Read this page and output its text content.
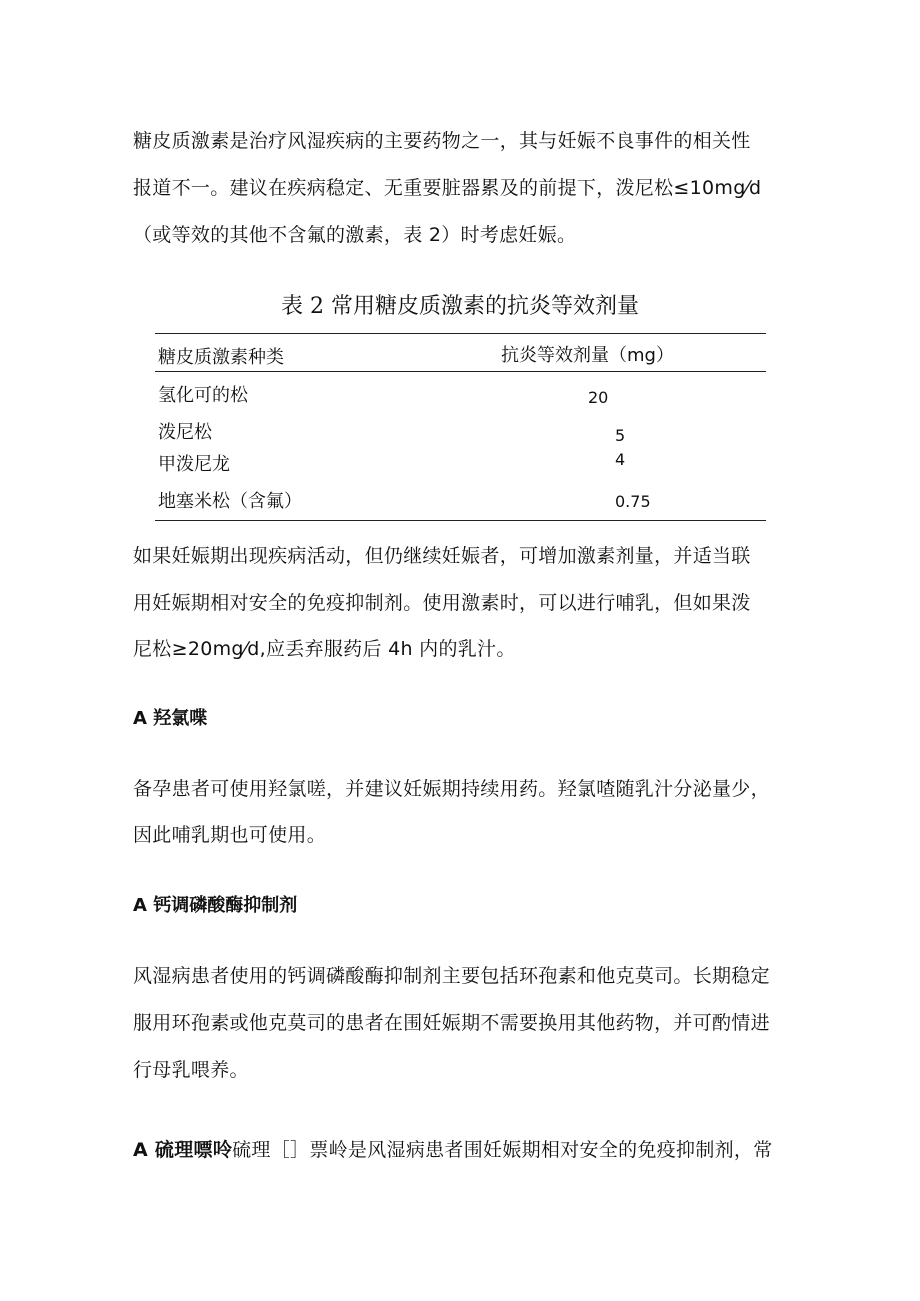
糖皮质激素是治疗风湿疾病的主要药物之一，其与妊娠不良事件的相关性
报道不一。建议在疾病稳定、无重要脏器累及的前提下，泼尼松≤10mg⁄d
（或等效的其他不含氟的激素，表 2）时考虑妊娠。
表 2 常用糖皮质激素的抗炎等效剂量
糖皮质激素种类	抗炎等效剂量（mg）
氢化可的松	20
泼尼松	5
甲泼尼龙	4
地塞米松（含氟）	0.75
如果妊娠期出现疾病活动，但仍继续妊娠者，可增加激素剂量，并适当联
用妊娠期相对安全的免疫抑制剂。使用激素时，可以进行哺乳，但如果泼
尼松≥20mg⁄d,应丢弃服药后 4h 内的乳汁。
A 羟氯喋
备孕患者可使用羟氯嗟，并建议妊娠期持续用药。羟氯喳随乳汁分泌量少，
因此哺乳期也可使用。
A 钙调磷酸酶抑制剂
风湿病患者使用的钙调磷酸酶抑制剂主要包括环孢素和他克莫司。长期稳定
服用环孢素或他克莫司的患者在围妊娠期不需要换用其他药物，并可酌情进
行母乳喂养。
A 硫理嘌呤硫理［］票岭是风湿病患者围妊娠期相对安全的免疫抑制剂，常
